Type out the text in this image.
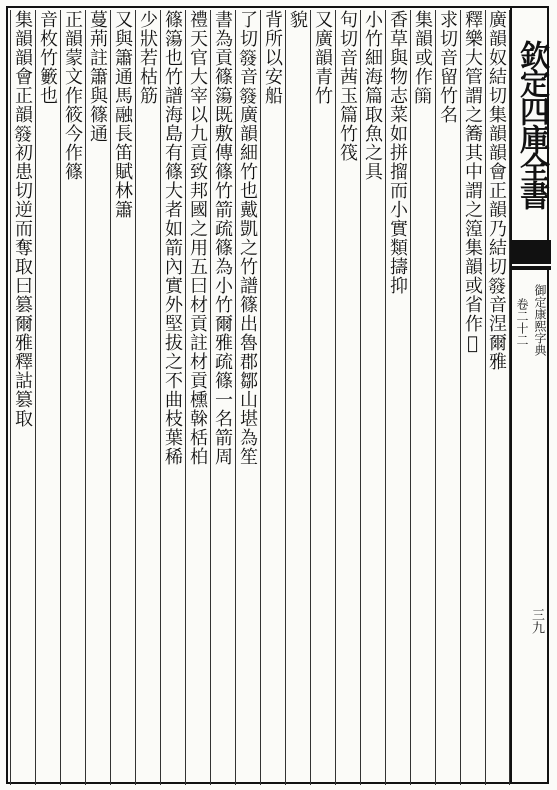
廣韻奴結切集韻韻會正韻乃結切𥳊音涅爾雅
釋樂大管謂之簥其中謂之篞集韻或省作𥬜
求切音留竹名
集韻或作𥳐
香草與物志菜如拼㨨而小實類擣抑
小竹細海篇取魚之具
句切音茜玉篇竹筏
又廣韻青竹
貌
背所以安船
了切𥳊音𥳊廣韻細竹也戴凱之竹譜篠出魯郡鄒山堪為笙
書為貢篠簜既敷傳篠竹箭疏篠為小竹爾雅疏篠一名箭周
禮天官大宰以九貢致邦國之用五曰材貢註材貢櫄榦栝柏
篠簜也竹譜海島有篠大者如箭內實外堅拔之不曲枝葉稀
少狀若枯筋
又與簫通馬融長笛賦林簫
蔓荊註簫與篠通
正韻蒙文作筱今作篠
音枚竹籔也
集韻韻會正韻𥳊初患切逆而奪取曰篡爾雅釋詁篡取	欽定四庫全書
御定康熙字典
卷二十二
三九
